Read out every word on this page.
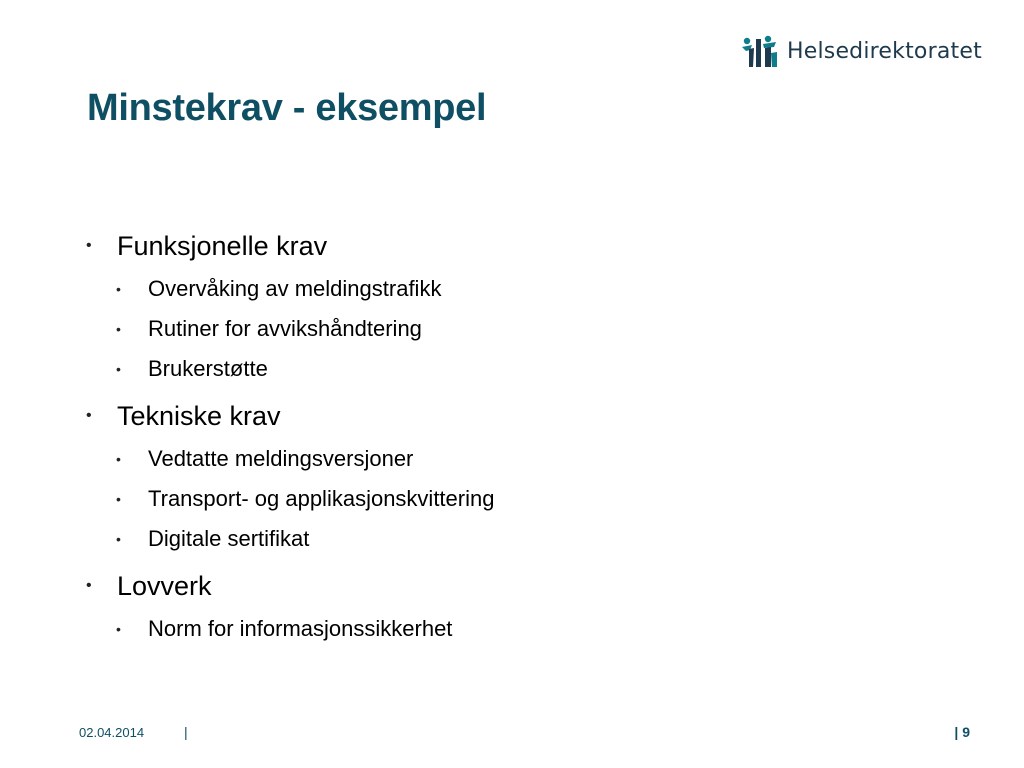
Helsedirektoratet
Minstekrav - eksempel

• Funksjonelle krav

• Overvåking av meldingstrafikk

• Rutiner for avvikshåndtering

• Brukerstøtte

• Tekniske krav

• Vedtatte meldingsversjoner

• Transport- og applikasjonskvittering

• Digitale sertifikat

• Lovverk

• Norm for informasjonssikkerhet

02.04.2014	|	| 9
